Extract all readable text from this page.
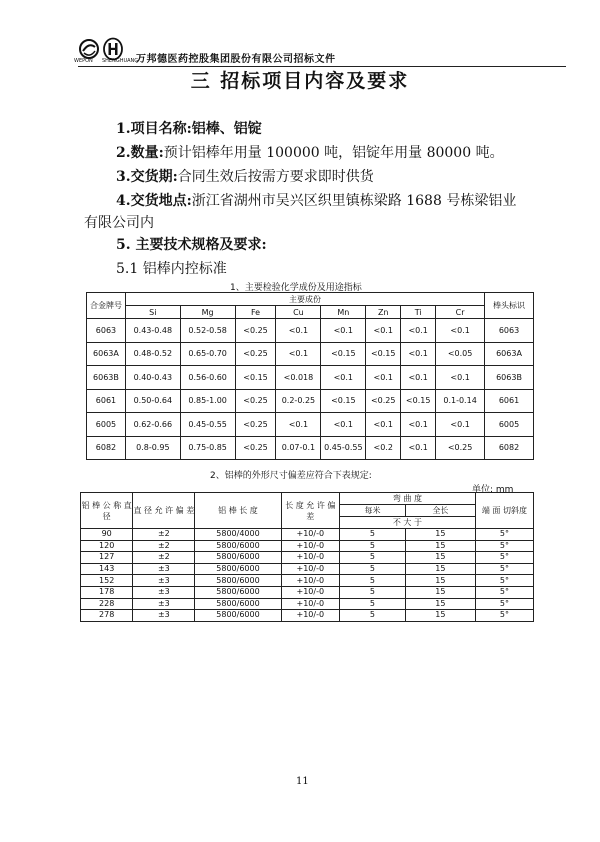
WEPON SHENGHUANG
万邦德医药控股集团股份有限公司招标文件
三 招标项目内容及要求
1.项目名称:铝棒、铝锭
2.数量:预计铝棒年用量 100000 吨，铝锭年用量 80000 吨。
3.交货期:合同生效后按需方要求即时供货
4.交货地点:浙江省湖州市吴兴区织里镇栋梁路 1688 号栋梁铝业
有限公司内
5. 主要技术规格及要求:
5.1 铝棒内控标准
1、主要检验化学成份及用途指标
合金牌号	主要成份								棒头标识
	Si	Mg	Fe	Cu	Mn	Zn	Ti	Cr	
6063	0.43-0.48	0.52-0.58	<0.25	<0.1	<0.1	<0.1	<0.1	<0.1	6063
6063A	0.48-0.52	0.65-0.70	<0.25	<0.1	<0.15	<0.15	<0.1	<0.05	6063A
6063B	0.40-0.43	0.56-0.60	<0.15	<0.018	<0.1	<0.1	<0.1	<0.1	6063B
6061	0.50-0.64	0.85-1.00	<0.25	0.2-0.25	<0.15	<0.25	<0.15	0.1-0.14	6061
6005	0.62-0.66	0.45-0.55	<0.25	<0.1	<0.1	<0.1	<0.1	<0.1	6005
6082	0.8-0.95	0.75-0.85	<0.25	0.07-0.1	0.45-0.55	<0.2	<0.1	<0.25	6082
2、铝棒的外形尺寸偏差应符合下表规定:
单位: mm
铝 棒 公 称 直 径	直 径 允 许 偏 差	铝 棒 长 度	长 度 允 许 偏 差	弯 曲 度		端 面 切斜度
				每米	全长	
				不 大 于		
90	±2	5800/4000	+10/-0	5	15	5°
120	±2	5800/6000	+10/-0	5	15	5°
127	±2	5800/6000	+10/-0	5	15	5°
143	±3	5800/6000	+10/-0	5	15	5°
152	±3	5800/6000	+10/-0	5	15	5°
178	±3	5800/6000	+10/-0	5	15	5°
228	±3	5800/6000	+10/-0	5	15	5°
278	±3	5800/6000	+10/-0	5	15	5°
11
